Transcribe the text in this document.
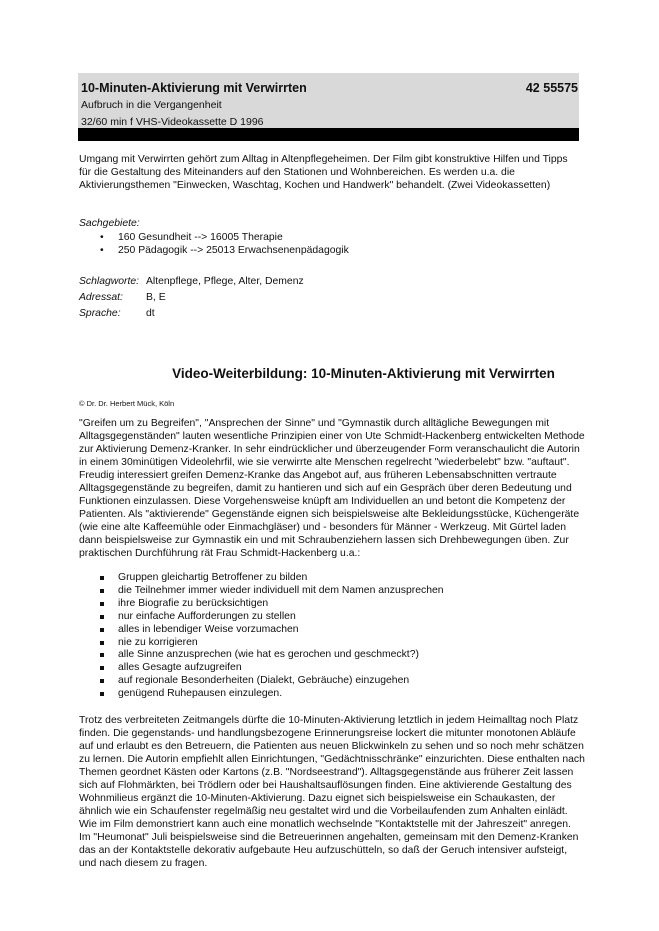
10-Minuten-Aktivierung mit Verwirrten	42 55575
Aufbruch in die Vergangenheit
32/60 min f VHS-Videokassette D 1996

Umgang mit Verwirrten gehört zum Alltag in Altenpflegeheimen. Der Film gibt konstruktive Hilfen und Tipps für die Gestaltung des Miteinanders auf den Stationen und Wohnbereichen. Es werden u.a. die Aktivierungsthemen "Einwecken, Waschtag, Kochen und Handwerk" behandelt. (Zwei Videokassetten)

Sachgebiete:
• 160 Gesundheit --> 16005 Therapie
• 250 Pädagogik --> 25013 Erwachsenenpädagogik
Schlagworte: Altenpflege, Pflege, Alter, Demenz
Adressat: B, E
Sprache: dt
Video-Weiterbildung: 10-Minuten-Aktivierung mit Verwirrten
© Dr. Dr. Herbert Mück, Köln

"Greifen um zu Begreifen", "Ansprechen der Sinne" und "Gymnastik durch alltägliche Bewegungen mit Alltagsgegenständen" lauten wesentliche Prinzipien einer von Ute Schmidt-Hackenberg entwickelten Methode zur Aktivierung Demenz-Kranker. In sehr eindrücklicher und überzeugender Form veranschaulicht die Autorin in einem 30minütigen Videolehrfil, wie sie verwirrte alte Menschen regelrecht "wiederbelebt" bzw. "auftaut". Freudig interessiert greifen Demenz-Kranke das Angebot auf, aus früheren Lebensabschnitten vertraute Alltagsgegenstände zu begreifen, damit zu hantieren und sich auf ein Gespräch über deren Bedeutung und Funktionen einzulassen. Diese Vorgehensweise knüpft am Individuellen an und betont die Kompetenz der Patienten. Als "aktivierende" Gegenstände eignen sich beispielsweise alte Bekleidungsstücke, Küchengeräte (wie eine alte Kaffeemühle oder Einmachgläser) und - besonders für Männer - Werkzeug. Mit Gürtel laden dann beispielsweise zur Gymnastik ein und mit Schraubenziehern lassen sich Drehbewegungen üben. Zur praktischen Durchführung rät Frau Schmidt-Hackenberg u.a.:

Gruppen gleichartig Betroffener zu bilden
die Teilnehmer immer wieder individuell mit dem Namen anzusprechen
ihre Biografie zu berücksichtigen
nur einfache Aufforderungen zu stellen
alles in lebendiger Weise vorzumachen
nie zu korrigieren
alle Sinne anzusprechen (wie hat es gerochen und geschmeckt?)
alles Gesagte aufzugreifen
auf regionale Besonderheiten (Dialekt, Gebräuche) einzugehen
genügend Ruhepausen einzulegen.

Trotz des verbreiteten Zeitmangels dürfte die 10-Minuten-Aktivierung letztlich in jedem Heimalltag noch Platz finden. Die gegenstands- und handlungsbezogene Erinnerungsreise lockert die mitunter monotonen Abläufe auf und erlaubt es den Betreuern, die Patienten aus neuen Blickwinkeln zu sehen und so noch mehr schätzen zu lernen. Die Autorin empfiehlt allen Einrichtungen, "Gedächtnisschränke" einzurichten. Diese enthalten nach Themen geordnet Kästen oder Kartons (z.B. "Nordseestrand"). Alltagsgegenstände aus früherer Zeit lassen sich auf Flohmärkten, bei Trödlern oder bei Haushaltsauflösungen finden. Eine aktivierende Gestaltung des Wohnmilieus ergänzt die 10-Minuten-Aktivierung. Dazu eignet sich beispielsweise ein Schaukasten, der ähnlich wie ein Schaufenster regelmäßig neu gestaltet wird und die Vorbeilaufenden zum Anhalten einlädt. Wie im Film demonstriert kann auch eine monatlich wechselnde "Kontaktstelle mit der Jahreszeit" anregen. Im "Heumonat" Juli beispielsweise sind die Betreuerinnen angehalten, gemeinsam mit den Demenz-Kranken das an der Kontaktstelle dekorativ aufgebaute Heu aufzuschütteln, so daß der Geruch intensiver aufsteigt, und nach diesem zu fragen.
